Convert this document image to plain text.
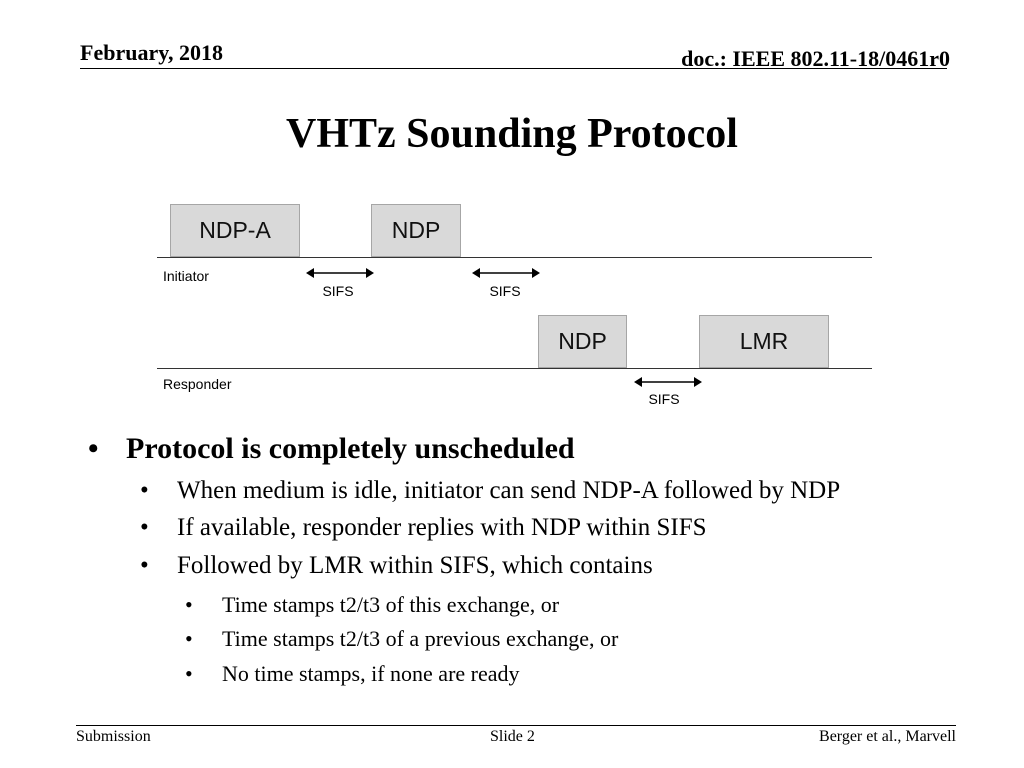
February, 2018	doc.: IEEE 802.11-18/0461r0
VHTz Sounding Protocol
NDP-A	NDP
Initiator
SIFS	SIFS
NDP	LMR
Responder
SIFS
• Protocol is completely unscheduled
• When medium is idle, initiator can send NDP-A followed by NDP
• If available, responder replies with NDP within SIFS
• Followed by LMR within SIFS, which contains
• Time stamps t2/t3 of this exchange, or
• Time stamps t2/t3 of a previous exchange, or
• No time stamps, if none are ready
Submission	Slide 2	Berger et al., Marvell
